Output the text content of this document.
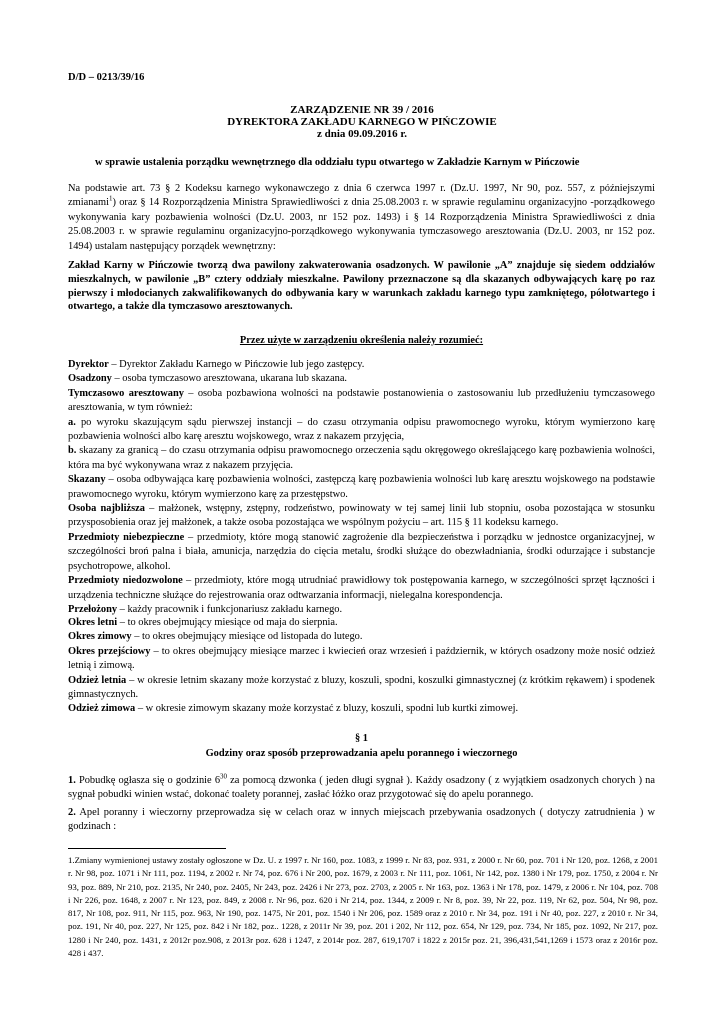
D/D – 0213/39/16
ZARZĄDZENIE NR 39 / 2016
DYREKTORA ZAKŁADU KARNEGO W PIŃCZOWIE
z dnia 09.09.2016 r.
w sprawie ustalenia porządku wewnętrznego dla oddziału typu otwartego w Zakładzie Karnym w Pińczowie
Na podstawie art. 73 § 2 Kodeksu karnego wykonawczego z dnia 6 czerwca 1997 r. (Dz.U. 1997, Nr 90, poz. 557, z późniejszymi zmianami$^1$) oraz § 14 Rozporządzenia Ministra Sprawiedliwości z dnia 25.08.2003 r. w sprawie regulaminu organizacyjno -porządkowego wykonywania kary pozbawienia wolności (Dz.U. 2003, nr 152 poz. 1493) i § 14 Rozporządzenia Ministra Sprawiedliwości z dnia 25.08.2003 r. w sprawie regulaminu organizacyjno-porządkowego wykonywania tymczasowego aresztowania (Dz.U. 2003, nr 152 poz. 1494) ustalam następujący porządek wewnętrzny:
Zakład Karny w Pińczowie tworzą dwa pawilony zakwaterowania osadzonych. W pawilonie „A” znajduje się siedem oddziałów mieszkalnych, w pawilonie „B” cztery oddziały mieszkalne. Pawilony przeznaczone są dla skazanych odbywających karę po raz pierwszy i młodocianych zakwalifikowanych do odbywania kary w warunkach zakładu karnego typu zamkniętego, półotwartego i otwartego, a także dla tymczasowo aresztowanych.
Przez użyte w zarządzeniu określenia należy rozumieć:
Dyrektor – Dyrektor Zakładu Karnego w Pińczowie lub jego zastępcy.
Osadzony – osoba tymczasowo aresztowana, ukarana lub skazana.
Tymczasowo aresztowany – osoba pozbawiona wolności na podstawie postanowienia o zastosowaniu lub przedłużeniu tymczasowego aresztowania, w tym również:
a. po wyroku skazującym sądu pierwszej instancji – do czasu otrzymania odpisu prawomocnego wyroku, którym wymierzono karę pozbawienia wolności albo karę aresztu wojskowego, wraz z nakazem przyjęcia,
b. skazany za granicą – do czasu otrzymania odpisu prawomocnego orzeczenia sądu okręgowego określającego karę pozbawienia wolności, która ma być wykonywana wraz z nakazem przyjęcia.
Skazany – osoba odbywająca karę pozbawienia wolności, zastępczą karę pozbawienia wolności lub karę aresztu wojskowego na podstawie prawomocnego wyroku, którym wymierzono karę za przestępstwo.
Osoba najbliższa – małżonek, wstępny, zstępny, rodzeństwo, powinowaty w tej samej linii lub stopniu, osoba pozostająca w stosunku przysposobienia oraz jej małżonek, a także osoba pozostająca we wspólnym pożyciu – art. 115 § 11 kodeksu karnego.
Przedmioty niebezpieczne – przedmioty, które mogą stanowić zagrożenie dla bezpieczeństwa i porządku w jednostce organizacyjnej, w szczególności broń palna i biała, amunicja, narzędzia do cięcia metalu, środki służące do obezwładniania, środki odurzające i substancje psychotropowe, alkohol.
Przedmioty niedozwolone – przedmioty, które mogą utrudniać prawidłowy tok postępowania karnego, w szczególności sprzęt łączności i urządzenia techniczne służące do rejestrowania oraz odtwarzania informacji, nielegalna korespondencja.
Przełożony – każdy pracownik i funkcjonariusz zakładu karnego.
Okres letni – to okres obejmujący miesiące od maja do sierpnia.
Okres zimowy – to okres obejmujący miesiące od listopada do lutego.
Okres przejściowy – to okres obejmujący miesiące marzec i kwiecień oraz wrzesień i październik, w których osadzony może nosić odzież letnią i zimową.
Odzież letnia – w okresie letnim skazany może korzystać z bluzy, koszuli, spodni, koszulki gimnastycznej (z krótkim rękawem) i spodenek gimnastycznych.
Odzież zimowa – w okresie zimowym skazany może korzystać z bluzy, koszuli, spodni lub kurtki zimowej.
§ 1
Godziny oraz sposób przeprowadzania apelu porannego i wieczornego
1. Pobudkę ogłasza się o godzinie $6^{30}$ za pomocą dzwonka ( jeden długi sygnał ). Każdy osadzony ( z wyjątkiem osadzonych chorych ) na sygnał pobudki winien wstać, dokonać toalety porannej, zasłać łóżko oraz przygotować się do apelu porannego.
2. Apel poranny i wieczorny przeprowadza się w celach oraz w innych miejscach przebywania osadzonych ( dotyczy zatrudnienia ) w godzinach :
1.Zmiany wymienionej ustawy zostały ogłoszone w Dz. U. z 1997 r. Nr 160, poz. 1083, z 1999 r. Nr 83, poz. 931, z 2000 r. Nr 60, poz. 701 i Nr 120, poz. 1268, z 2001 r. Nr 98, poz. 1071 i Nr 111, poz. 1194, z 2002 r. Nr 74, poz. 676 i Nr 200, poz. 1679, z 2003 r. Nr 111, poz. 1061, Nr 142, poz. 1380 i Nr 179, poz. 1750, z 2004 r. Nr 93, poz. 889, Nr 210, poz. 2135, Nr 240, poz. 2405, Nr 243, poz. 2426 i Nr 273, poz. 2703, z 2005 r. Nr 163, poz. 1363 i Nr 178, poz. 1479, z 2006 r. Nr 104, poz. 708 i Nr 226, poz. 1648, z 2007 r. Nr 123, poz. 849, z 2008 r. Nr 96, poz. 620 i Nr 214, poz. 1344, z 2009 r. Nr 8, poz. 39, Nr 22, poz. 119, Nr 62, poz. 504, Nr 98, poz. 817, Nr 108, poz. 911, Nr 115, poz. 963, Nr 190, poz. 1475, Nr 201, poz. 1540 i Nr 206, poz. 1589 oraz z 2010 r. Nr 34, poz. 191 i Nr 40, poz. 227, z 2010 r. Nr 34, poz. 191, Nr 40, poz. 227, Nr 125, poz. 842 i Nr 182, poz.. 1228, z 2011r Nr 39, poz. 201 i 202, Nr 112, poz. 654, Nr 129, poz. 734, Nr 185, poz. 1092, Nr 217, poz. 1280 i Nr 240, poz. 1431, z 2012r poz.908, z 2013r poz. 628 i 1247, z 2014r poz. 287, 619,1707 i 1822 z 2015r poz. 21, 396,431,541,1269 i 1573 oraz z 2016r poz. 428 i 437.
